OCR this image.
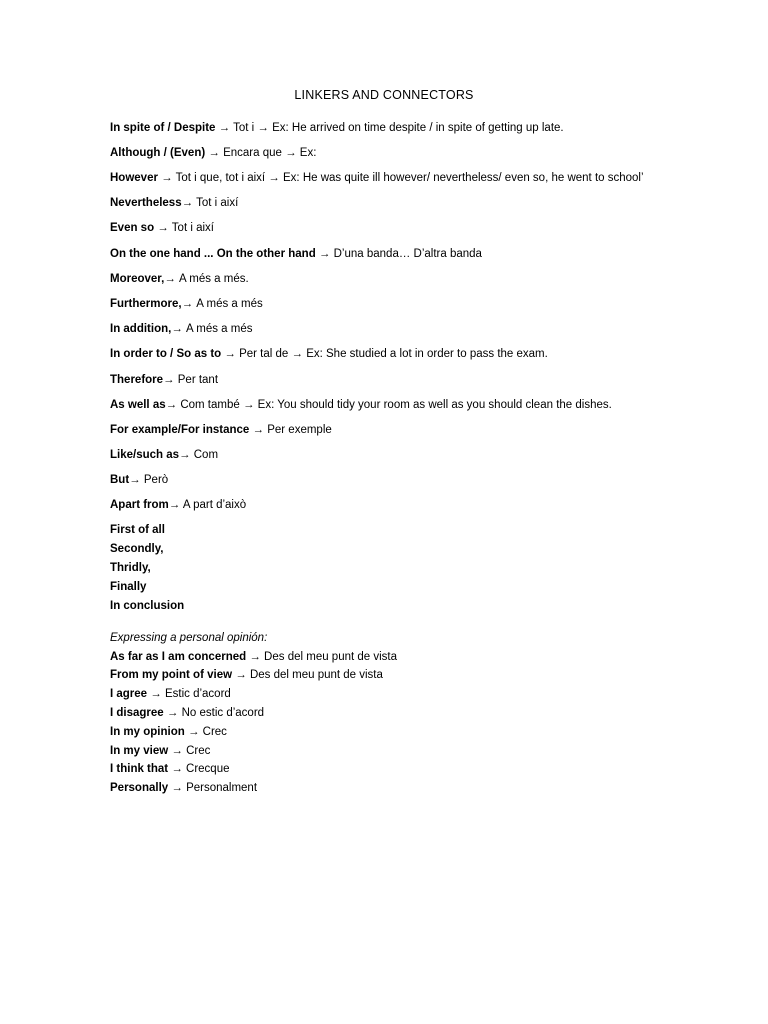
LINKERS AND CONNECTORS
In spite of / Despite → Tot i → Ex: He arrived on time despite / in spite of getting up late.
Although / (Even) → Encara que → Ex:
However → Tot i que, tot i així → Ex: He was quite ill however/ nevertheless/ even so, he went to school’
Nevertheless→ Tot i així
Even so → Tot i així
On the one hand ... On the other hand → D’una banda… D’altra banda
Moreover,→ A més a més.
Furthermore,→ A més a més
In addition,→ A més a més
In order to / So as to → Per tal de → Ex: She studied a lot in order to pass the exam.
Therefore→ Per tant
As well as→ Com també → Ex: You should tidy your room as well as you should clean the dishes.
For example/For instance → Per exemple
Like/such as→ Com
But→ Però
Apart from→ A part d’això
First of all
Secondly,
Thridly,
Finally
In conclusion
Expressing a personal opinión:
As far as I am concerned → Des del meu punt de vista
From my point of view → Des del meu punt de vista
I agree → Estic d’acord
I disagree → No estic d’acord
In my opinion → Crec
In my view → Crec
I think that → Crecque
Personally → Personalment
